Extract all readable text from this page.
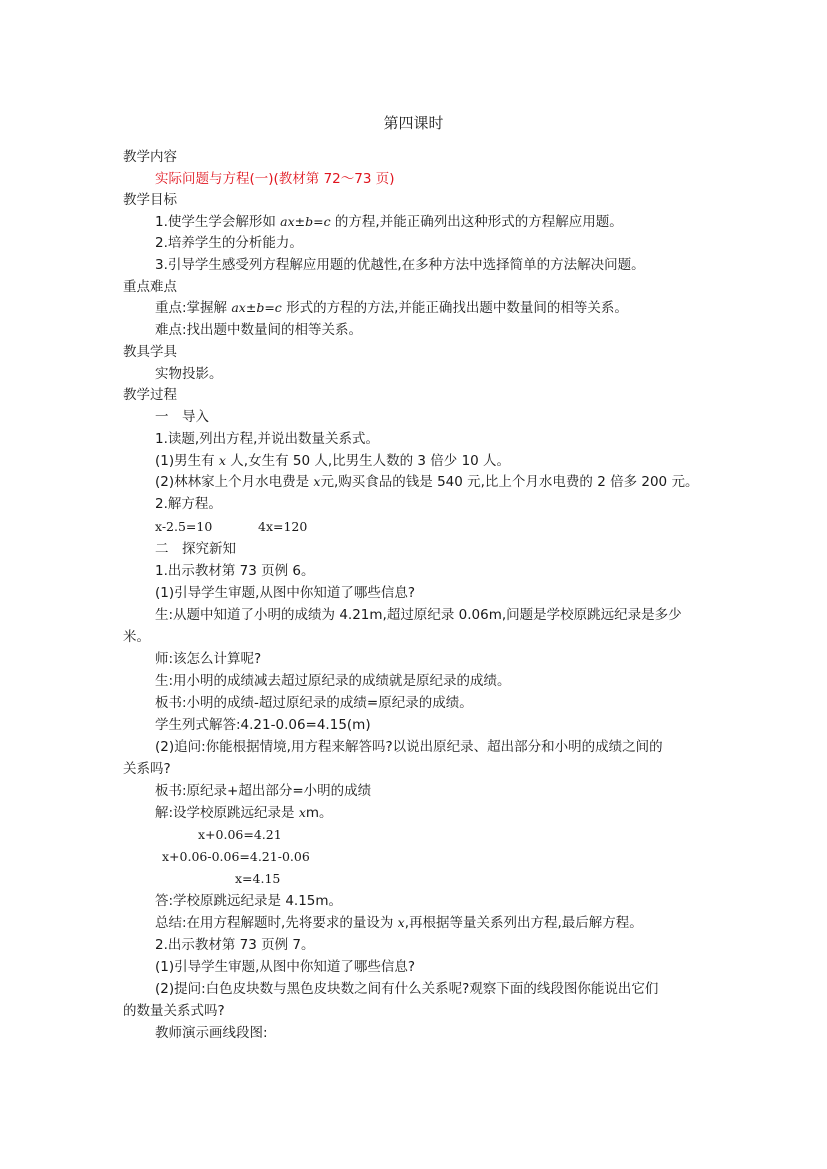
第四课时
教学内容
实际问题与方程(一)(教材第 72～73 页)
教学目标
1.使学生学会解形如 ax±b=c 的方程,并能正确列出这种形式的方程解应用题。
2.培养学生的分析能力。
3.引导学生感受列方程解应用题的优越性,在多种方法中选择简单的方法解决问题。
重点难点
重点:掌握解 ax±b=c 形式的方程的方法,并能正确找出题中数量间的相等关系。
难点:找出题中数量间的相等关系。
教具学具
实物投影。
教学过程
一　导入
1.读题,列出方程,并说出数量关系式。
(1)男生有 x 人,女生有 50 人,比男生人数的 3 倍少 10 人。
(2)林林家上个月水电费是 x元,购买食品的钱是 540 元,比上个月水电费的 2 倍多 200 元。
2.解方程。
x-2.5=10	4x=120
二　探究新知
1.出示教材第 73 页例 6。
(1)引导学生审题,从图中你知道了哪些信息?
生:从题中知道了小明的成绩为 4.21m,超过原纪录 0.06m,问题是学校原跳远纪录是多少
米。
师:该怎么计算呢?
生:用小明的成绩减去超过原纪录的成绩就是原纪录的成绩。
板书:小明的成绩-超过原纪录的成绩=原纪录的成绩。
学生列式解答:4.21-0.06=4.15(m)
(2)追问:你能根据情境,用方程来解答吗?以说出原纪录、超出部分和小明的成绩之间的
关系吗?
板书:原纪录+超出部分=小明的成绩
解:设学校原跳远纪录是 xm。
x+0.06=4.21
x+0.06-0.06=4.21-0.06
x=4.15
答:学校原跳远纪录是 4.15m。
总结:在用方程解题时,先将要求的量设为 x,再根据等量关系列出方程,最后解方程。
2.出示教材第 73 页例 7。
(1)引导学生审题,从图中你知道了哪些信息?
(2)提问:白色皮块数与黑色皮块数之间有什么关系呢?观察下面的线段图你能说出它们
的数量关系式吗?
教师演示画线段图:
